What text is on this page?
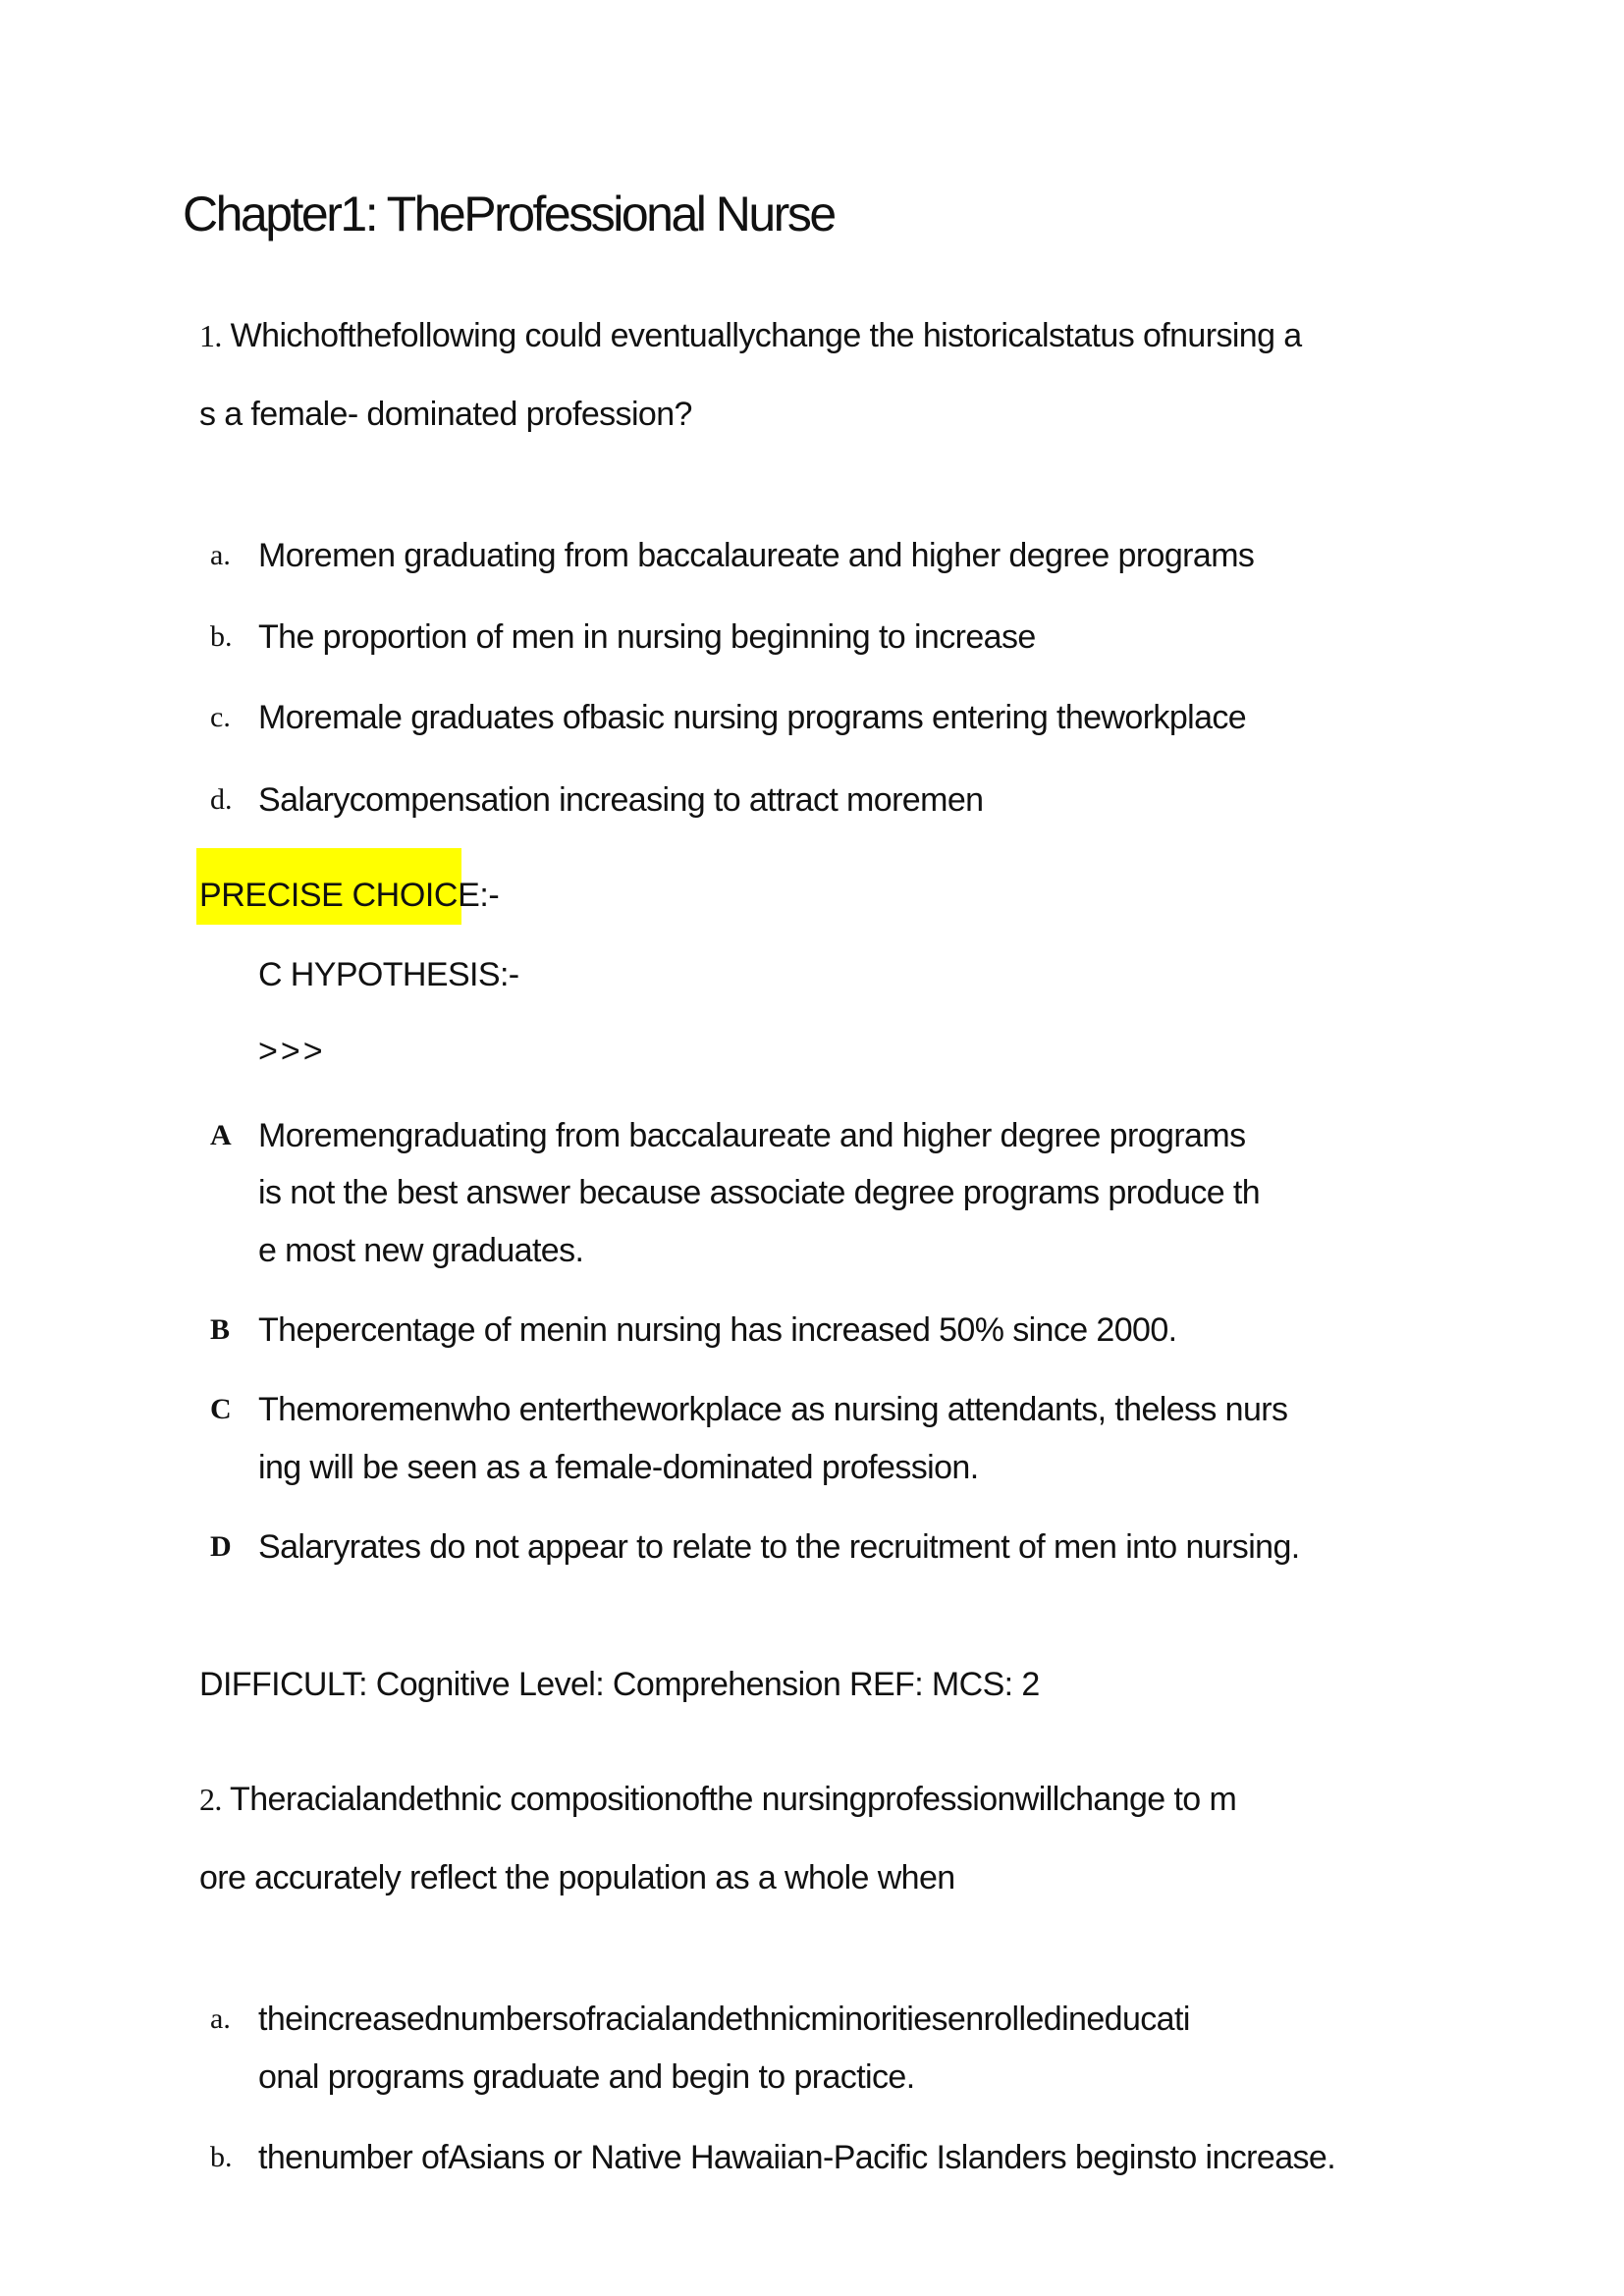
Chapter1: TheProfessional Nurse
1. Whichofthefollowing could eventuallychange the historicalstatus ofnursing a
s a female- dominated profession?
a. Moremen graduating from baccalaureate and higher degree programs
b. The proportion of men in nursing beginning to increase
c. Moremale graduates ofbasic nursing programs entering theworkplace
d. Salarycompensation increasing to attract moremen
PRECISE CHOICE:-
C HYPOTHESIS:-
>>>
A Moremengraduating from baccalaureate and higher degree programs
is not the best answer because associate degree programs produce th
e most new graduates.
B Thepercentage of menin nursing has increased 50% since 2000.
C Themoremenwho entertheworkplace as nursing attendants, theless nurs
ing will be seen as a female-dominated profession.
D Salaryrates do not appear to relate to the recruitment of men into nursing.
DIFFICULT: Cognitive Level: Comprehension REF: MCS: 2
2. Theracialandethnic compositionofthe nursingprofessionwillchange to m
ore accurately reflect the population as a whole when
a. theincreasednumbersofracialandethnicminoritiesenrolledineducati
onal programs graduate and begin to practice.
b. thenumber ofAsians or Native Hawaiian-Pacific Islanders beginsto increase.
